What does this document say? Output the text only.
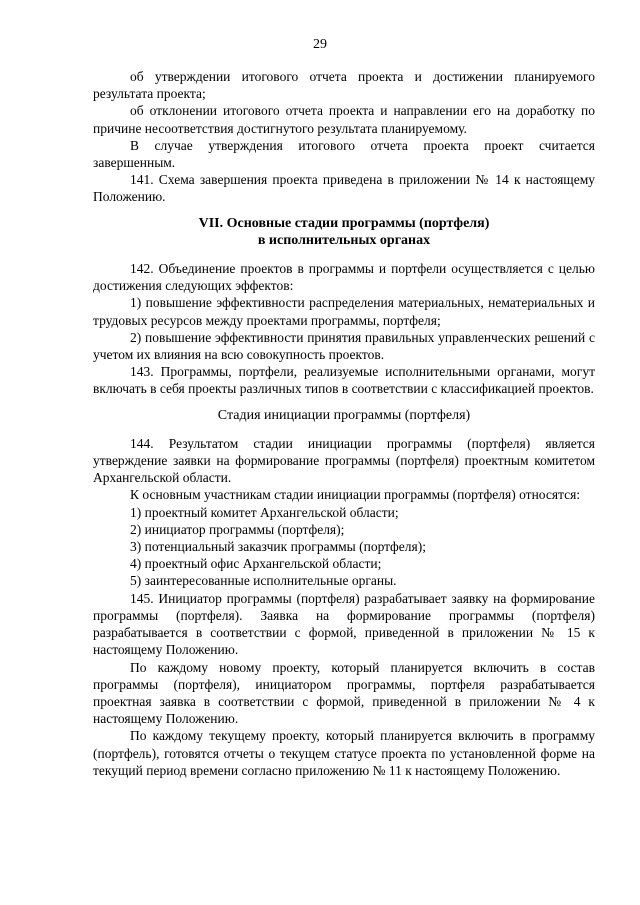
29

об утверждении итогового отчета проекта и достижении планируемого результата проекта;

об отклонении итогового отчета проекта и направлении его на доработку по причине несоответствия достигнутого результата планируемому.

В случае утверждения итогового отчета проекта проект считается завершенным.

141. Схема завершения проекта приведена в приложении № 14 к настоящему Положению.

VII. Основные стадии программы (портфеля)
в исполнительных органах

142. Объединение проектов в программы и портфели осуществляется с целью достижения следующих эффектов:

1) повышение эффективности распределения материальных, нематериальных и трудовых ресурсов между проектами программы, портфеля;

2) повышение эффективности принятия правильных управленческих решений с учетом их влияния на всю совокупность проектов.

143. Программы, портфели, реализуемые исполнительными органами, могут включать в себя проекты различных типов в соответствии с классификацией проектов.

Стадия инициации программы (портфеля)

144. Результатом стадии инициации программы (портфеля) является утверждение заявки на формирование программы (портфеля) проектным комитетом Архангельской области.

К основным участникам стадии инициации программы (портфеля) относятся:

1) проектный комитет Архангельской области;

2) инициатор программы (портфеля);

3) потенциальный заказчик программы (портфеля);

4) проектный офис Архангельской области;

5) заинтересованные исполнительные органы.

145. Инициатор программы (портфеля) разрабатывает заявку на формирование программы (портфеля). Заявка на формирование программы (портфеля) разрабатывается в соответствии с формой, приведенной в приложении № 15 к настоящему Положению.

По каждому новому проекту, который планируется включить в состав программы (портфеля), инициатором программы, портфеля разрабатывается проектная заявка в соответствии с формой, приведенной в приложении № 4 к настоящему Положению.

По каждому текущему проекту, который планируется включить в программу (портфель), готовятся отчеты о текущем статусе проекта по установленной форме на текущий период времени согласно приложению № 11 к настоящему Положению.
